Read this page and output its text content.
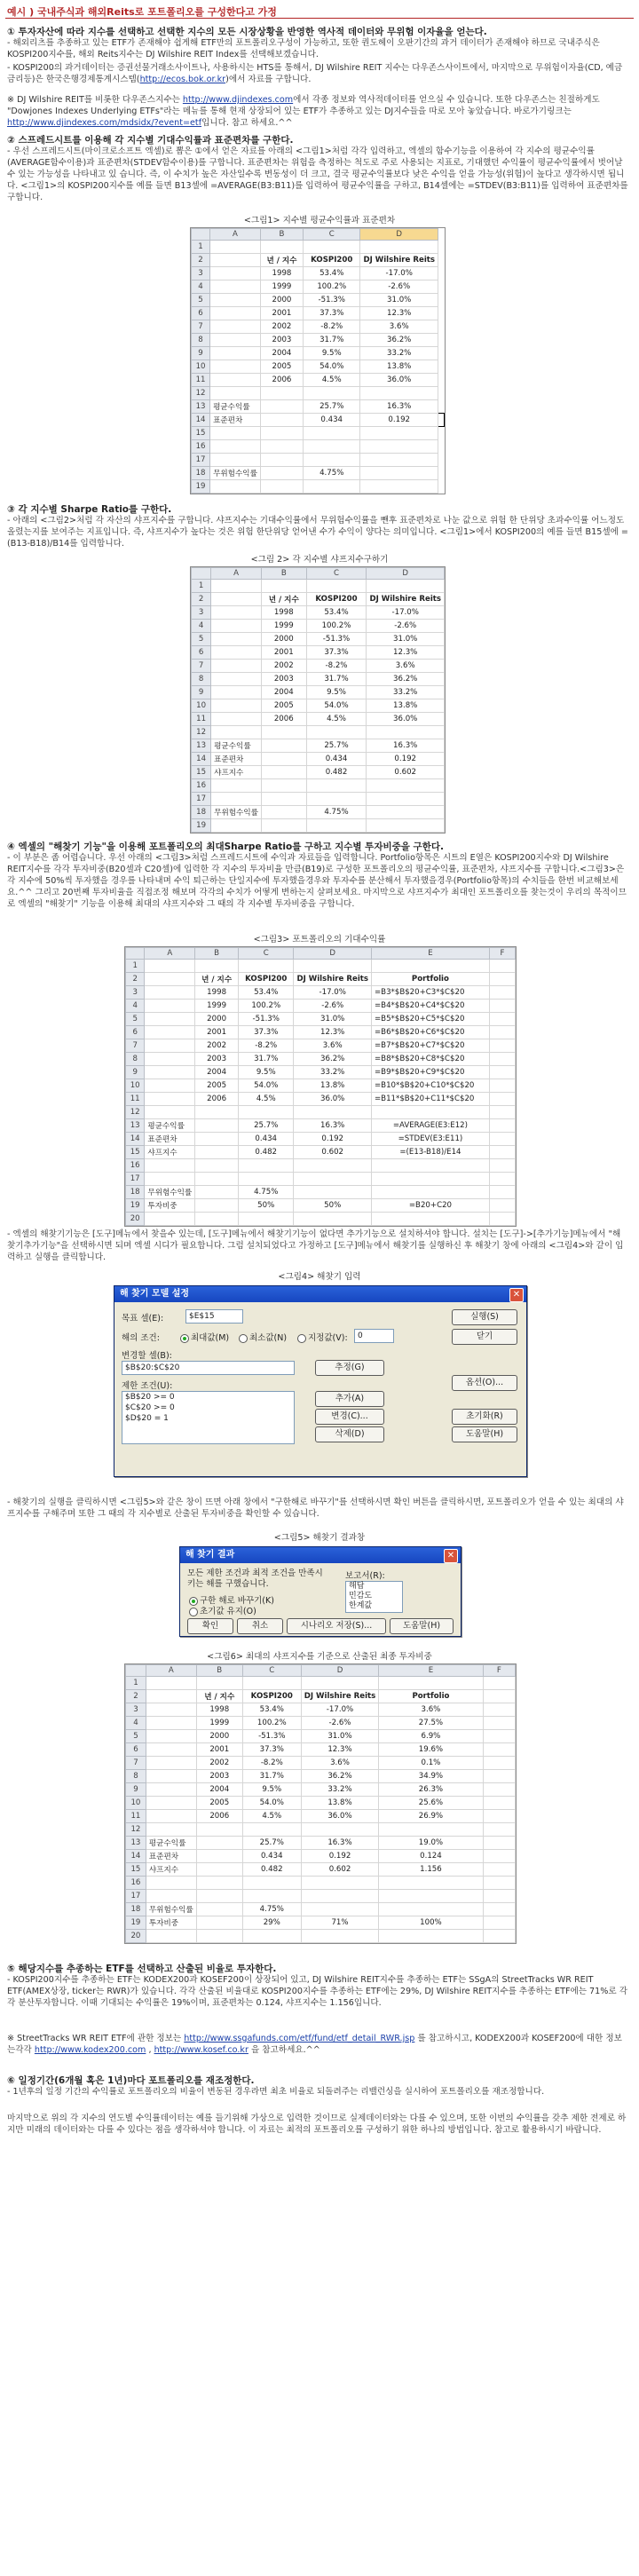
예시 ) 국내주식과 해외Reits로 포트폴리오를 구성한다고 가정
① 투자자산에 따라 지수를 선택하고 선택한 지수의 모든 시장상황을 반영한 역사적 데이터와 무위험 이자율을 얻는다.
- 해외리츠를 추종하고 있는 ETF가 존재해야 쉽게해 ETF만의 포트폴리오구성이 가능하고, 또한 퀀도헤이 오판기간의 과거 데이터가 존재해야 하므로 국내주식은 KOSPI200지수를, 해외 Reits지수는 DJ Wilshire REIT Index를 선택해보겠습니다.
- KOSPI200의 과거데이터는 증권선물거래소사이트나, 사용하시는 HTS를 통해서, DJ Wilshire REIT 지수는 다우존스사이트에서, 마지막으로 무위험이자율(CD, 예금금리등)은 한국은행경제통계시스템(http://ecos.bok.or.kr)에서 자료를 구합니다.
※ DJ Wilshire REIT를 비롯한 다우존스지수는 http://www.djindexes.com에서 각종 정보와 역사적데이터를 얻으실 수 있습니다. 또한 다우존스는 친절하게도 "Dowjones Indexes Underlying ETFs"라는 메뉴를 통해 현재 상장되어 있는 ETF가 추종하고 있는 DJ지수들을 따로 모아 놓았습니다. 바로가기링크는 http://www.djindexes.com/mdsidx/?event=etf입니다. 참고 하세요.^^
② 스프레드시트를 이용해 각 지수별 기대수익률과 표준편차를 구한다.
- 우선 스프레드시트(마이크로소프트 엑셀)로 뽑은 ①에서 얻은 자료를 아래의 <그림1>처럼 각각 입력하고, 엑셀의 함수기능을 이용하여 각 지수의 평균수익률(AVERAGE함수이용)과 표준편차(STDEV함수이용)를 구합니다. 표준편차는 위험을 측정하는 척도로 주로 사용되는 지표로, 기대했던 수익률이 평균수익률에서 벗어날 수 있는 가능성을 나타내고 있 습니다. 즉, 이 수치가 높은 자산일수록 변동성이 더 크고, 결국 평균수익률보다 낮은 수익을 얻을 가능성(위험)이 높다고 생각하시면 됩니다. <그림1>의 KOSPI200지수를 예를 들면 B13셀에 =AVERAGE(B3:B11)를 입력하여 평균수익률을 구하고, B14셀에는 =STDEV(B3:B11)를 입력하여 표준편차를 구합니다.
<그림1> 지수별 평균수익률과 표준편차
	A	B	C	D	
1					
2		년 / 지수	KOSPI200	DJ Wilshire Reits	
3		1998	53.4%	-17.0%	
4		1999	100.2%	-2.6%	
5		2000	-51.3%	31.0%	
6		2001	37.3%	12.3%	
7		2002	-8.2%	3.6%	
8		2003	31.7%	36.2%	
9		2004	9.5%	33.2%	
10		2005	54.0%	13.8%	
11		2006	4.5%	36.0%	
12					
13	평균수익률		25.7%	16.3%	
14	표준편차		0.434	0.192	
15					
16					
17					
18	무위험수익률		4.75%		
19					
③ 각 지수별 Sharpe Ratio를 구한다.
- 아래의 <그림2>처럼 각 자산의 샤프지수를 구합니다. 샤프지수는 기대수익률에서 무위험수익률을 뺀후 표준편차로 나눈 값으로 위험 한 단위당 초과수익률 어느정도 올렸는지를 보여주는 지표입니다. 즉, 샤프지수가 높다는 것은 위험 한단위당 얻어낸 수가 수익이 양다는 의미입니다. <그림1>에서 KOSPI200의 예를 들면 B15셀에 =(B13-B18)/B14를 입력합니다.
<그림 2> 각 지수별 샤프지수구하기
	A	B	C	D
1				
2		년 / 지수	KOSPI200	DJ Wilshire Reits
3		1998	53.4%	-17.0%
4		1999	100.2%	-2.6%
5		2000	-51.3%	31.0%
6		2001	37.3%	12.3%
7		2002	-8.2%	3.6%
8		2003	31.7%	36.2%
9		2004	9.5%	33.2%
10		2005	54.0%	13.8%
11		2006	4.5%	36.0%
12				
13	평균수익률		25.7%	16.3%
14	표준편차		0.434	0.192
15	샤프지수		0.482	0.602
16				
17				
18	무위험수익률		4.75%	
19				
④ 엑셀의 "해찾기 기능"을 이용해 포트폴리오의 최대Sharpe Ratio를 구하고 지수별 투자비중을 구한다.
- 이 부분은 좀 어렵습니다. 우선 아래의 <그림3>처럼 스프레드시트에 수익과 자료들을 입력합니다. Portfolio항목은 시트의 E열은 KOSPI200지수와 DJ Wilshire REIT지수를 각각 투자비중(B20셀과 C20셀)에 입력한 각 지수의 투자비율 만큼(B19)로 구성한 포트폴리오의 평균수익률, 표준편차, 샤프지수를 구합니다.<그림3>은 각 지수에 50%씩 투자했을 경우를 나타내며 수익 퇴근하는 단일지수에 투자했을경우와 투자수를 분산해서 투자했을경우(Portfolio항목)의 수치들을 한번 비교해보세요.^^ 그리고 20번째 투자비율을 직접조정 해보며 각각의 수치가 어떻게 변하는지 살펴보세요. 마지막으로 샤프지수가 최대인 포트폴리오를 찾는것이 우리의 목적이므로 엑셀의 "해찾기" 기능을 이용해 최대의 샤프지수와 그 때의 각 지수별 투자비중을 구합니다.
<그림3> 포트폴리오의 기대수익률
	A	B	C	D	E	F
1						
2		년 / 지수	KOSPI200	DJ Wilshire Reits	Portfolio	
3		1998	53.4%	-17.0%	=B3*$B$20+C3*$C$20	
4		1999	100.2%	-2.6%	=B4*$B$20+C4*$C$20	
5		2000	-51.3%	31.0%	=B5*$B$20+C5*$C$20	
6		2001	37.3%	12.3%	=B6*$B$20+C6*$C$20	
7		2002	-8.2%	3.6%	=B7*$B$20+C7*$C$20	
8		2003	31.7%	36.2%	=B8*$B$20+C8*$C$20	
9		2004	9.5%	33.2%	=B9*$B$20+C9*$C$20	
10		2005	54.0%	13.8%	=B10*$B$20+C10*$C$20	
11		2006	4.5%	36.0%	=B11*$B$20+C11*$C$20	
12						
13	평균수익률		25.7%	16.3%	=AVERAGE(E3:E12)	
14	표준편차		0.434	0.192	=STDEV(E3:E11)	
15	샤프지수		0.482	0.602	=(E13-B18)/E14	
16						
17						
18	무위험수익률		4.75%			
19	투자비중		50%	50%	=B20+C20	
20						
- 엑셀의 해찾기기능은 [도구]메뉴에서 찾을수 있는데, [도구]메뉴에서 해찾기기능이 없다면 추가기능으로 설치하셔야 합니다. 설치는 [도구]->[추가기능]메뉴에서 "해찾기추가기능"을 선택하시면 되며 엑셀 시디가 필요합니다. 그럼 설치되었다고 가정하고 [도구]메뉴에서 해찾기를 실행하신 후 해찾기 창에 아래의 <그림4>와 같이 입력하고 실행을 클릭합니다.
<그림4> 해찾기 입력
해 찾기 모델 설정	✕
목표 셀(E):	$E$15
해의 조건:	최대값(M)	최소값(N)	지정값(V):	0
변경할 셀(B):
$B$20:$C$20	추정(G)
제한 조건(U):
$B$20 >= 0
$C$20 >= 0
$D$20 = 1
추가(A)
변경(C)...
삭제(D)
실행(S)
닫기
옵션(O)...
초기화(R)
도움말(H)
- 해찾기의 실행을 클릭하시면 <그림5>와 같은 창이 뜨면 아래 창에서 "구한해로 바꾸기"를 선택하시면 확인 버튼을 클릭하시면, 포트폴리오가 얻을 수 있는 최대의 샤프지수를 구해주며 또한 그 때의 각 지수별로 산출된 투자비중을 확인할 수 있습니다.
<그림5> 해찾기 결과창
해 찾기 결과	✕
모든 제한 조건과 최적 조건을 만족시키는 해를 구했습니다.
구한 해로 바꾸기(K)
초기값 유지(O)
보고서(R):
해답
민감도
한계값
확인	취소	시나리오 저장(S)...	도움말(H)
<그림6> 최대의 샤프지수를 기준으로 산출된 최종 투자비중
	A	B	C	D	E	F
1						
2		년 / 지수	KOSPI200	DJ Wilshire Reits	Portfolio	
3		1998	53.4%	-17.0%	3.6%	
4		1999	100.2%	-2.6%	27.5%	
5		2000	-51.3%	31.0%	6.9%	
6		2001	37.3%	12.3%	19.6%	
7		2002	-8.2%	3.6%	0.1%	
8		2003	31.7%	36.2%	34.9%	
9		2004	9.5%	33.2%	26.3%	
10		2005	54.0%	13.8%	25.6%	
11		2006	4.5%	36.0%	26.9%	
12						
13	평균수익률		25.7%	16.3%	19.0%	
14	표준편차		0.434	0.192	0.124	
15	샤프지수		0.482	0.602	1.156	
16						
17						
18	무위험수익률		4.75%			
19	투자비중		29%	71%	100%	
20						
⑤ 해당지수를 추종하는 ETF를 선택하고 산출된 비율로 투자한다.
- KOSPI200지수를 추종하는 ETF는 KODEX200과 KOSEF200이 상장되어 있고, DJ Wilshire REIT지수를 추종하는 ETF는 SSgA의 StreetTracks WR REIT ETF(AMEX상장, ticker는 RWR)가 있습니다. 각각 산출된 비율대로 KOSPI200지수를 추종하는 ETF에는 29%, DJ Wilshire REIT지수를 추종하는 ETF에는 71%로 각각 분산투자합니다. 이때 기대되는 수익률은 19%이며, 표준편차는 0.124, 샤프지수는 1.156입니다.
※ StreetTracks WR REIT ETF에 관한 정보는 http://www.ssgafunds.com/etf/fund/etf_detail_RWR.jsp 를 참고하시고, KODEX200과 KOSEF200에 대한 정보는각각 http://www.kodex200.com , http://www.kosef.co.kr 을 참고하세요.^^
⑥ 일정기간(6개월 혹은 1년)마다 포트폴리오를 재조정한다.
- 1년후의 일정 기간의 수익률로 포트폴리오의 비율이 변동된 경우라면 최초 비율로 되돌려주는 리밸런싱을 실시하여 포트폴리오를 재조정합니다.
마지막으로 위의 각 지수의 연도별 수익률데이터는 예를 들기위해 가상으로 입력한 것이므로 실제데이터와는 다를 수 있으며, 또한 이번의 수익률을 갖추 제한 전제로 하지만 미래의 데이터와는 다를 수 있다는 점을 생각하셔야 합니다. 이 자료는 최적의 포트폴리오를 구성하기 위한 하나의 방법입니다. 참고로 활용하시기 바랍니다.
